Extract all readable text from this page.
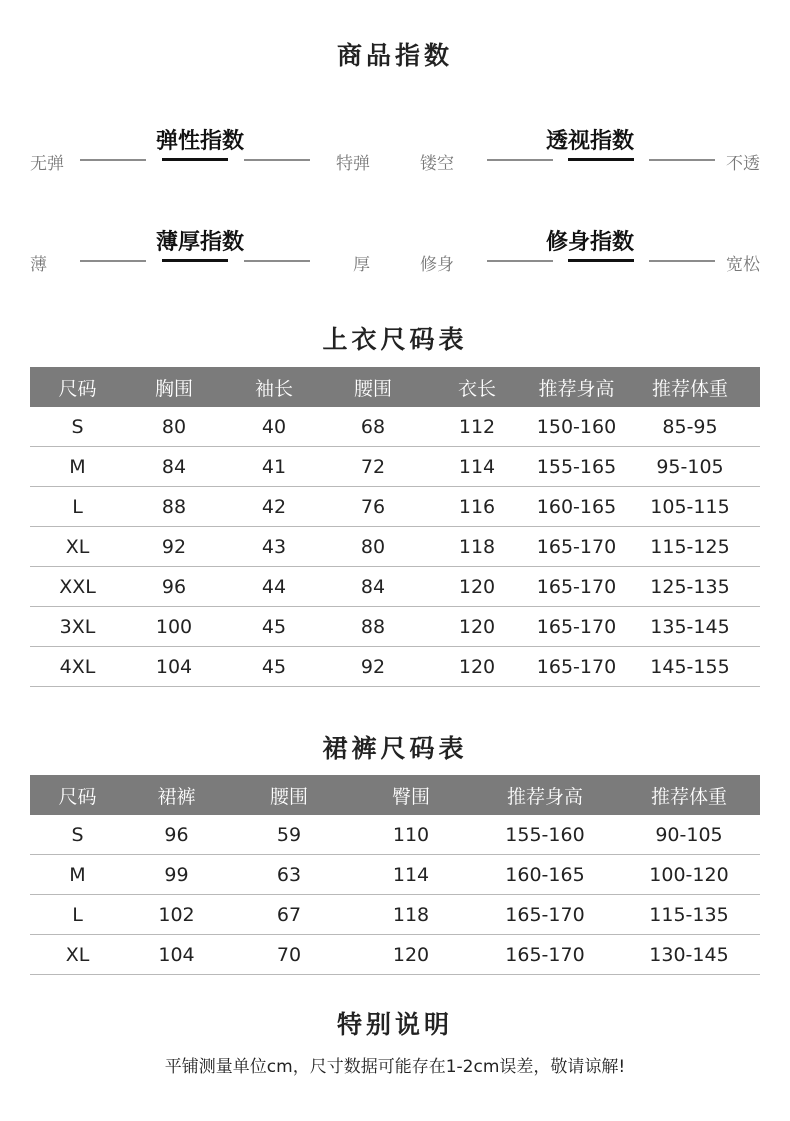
商品指数
弹性指数
无弹	特弹
透视指数
镂空	不透
薄厚指数
薄	厚
修身指数
修身	宽松
上衣尺码表
尺码	胸围	袖长	腰围	衣长	推荐身高	推荐体重
S	80	40	68	112	150-160	85-95
M	84	41	72	114	155-165	95-105
L	88	42	76	116	160-165	105-115
XL	92	43	80	118	165-170	115-125
XXL	96	44	84	120	165-170	125-135
3XL	100	45	88	120	165-170	135-145
4XL	104	45	92	120	165-170	145-155
裙裤尺码表
尺码	裙裤	腰围	臀围	推荐身高	推荐体重
S	96	59	110	155-160	90-105
M	99	63	114	160-165	100-120
L	102	67	118	165-170	115-135
XL	104	70	120	165-170	130-145
特别说明
平铺测量单位cm，尺寸数据可能存在1-2cm误差，敬请谅解!
